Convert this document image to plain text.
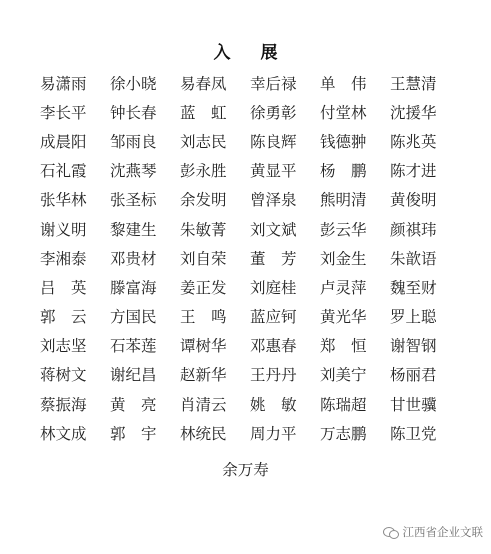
入 展
易潇雨	徐小晓	易春凤	幸后禄	单　伟	王慧清
李长平	钟长春	蓝　虹	徐勇彰	付堂林	沈援华
成晨阳	邹雨良	刘志民	陈良辉	钱德翀	陈兆英
石礼霞	沈燕琴	彭永胜	黄显平	杨　鹏	陈才进
张华林	张圣标	余发明	曾泽泉	熊明清	黄俊明
谢义明	黎建生	朱敏菁	刘文斌	彭云华	颜祺玮
李湘泰	邓贵材	刘自荣	董　芳	刘金生	朱歆语
吕　英	滕富海	姜正发	刘庭桂	卢灵萍	魏至财
郭　云	方国民	王　鸣	蓝应钶	黄光华	罗上聪
刘志坚	石苯莲	谭树华	邓惠春	郑　恒	谢智钢
蒋树文	谢纪昌	赵新华	王丹丹	刘美宁	杨丽君
蔡振海	黄　亮	肖清云	姚　敏	陈瑞超	甘世骥
林文成	郭　宇	林统民	周力平	万志鹏	陈卫党
余万寿
江西省企业文联
